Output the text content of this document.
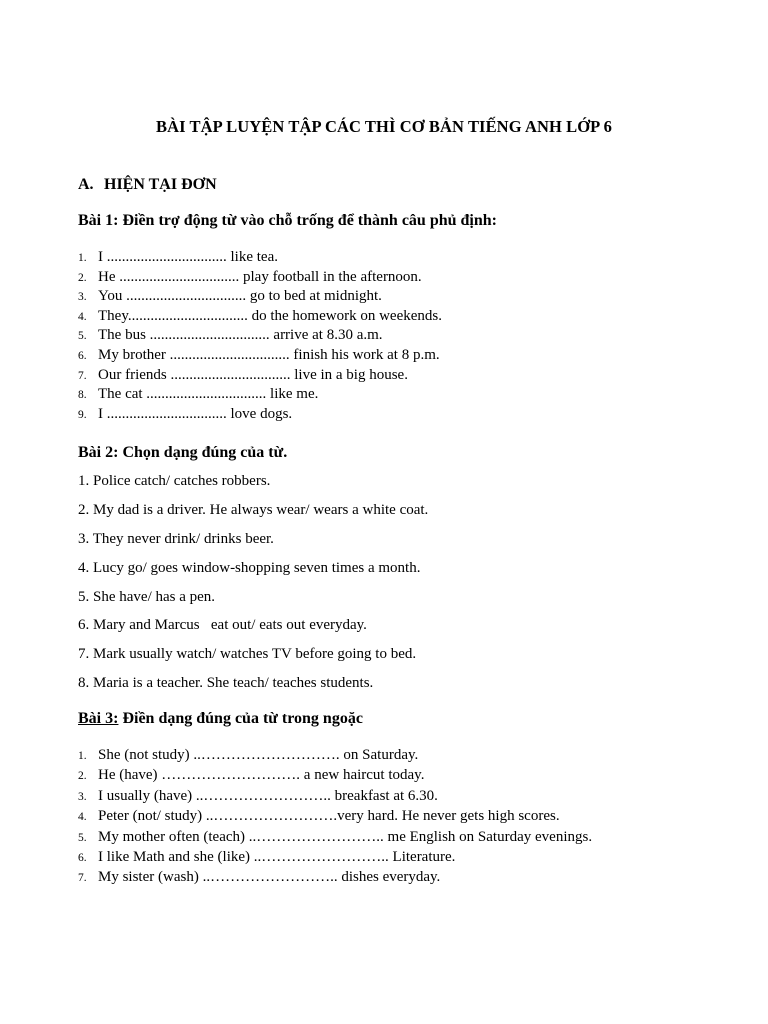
BÀI TẬP LUYỆN TẬP CÁC THÌ CƠ BẢN TIẾNG ANH LỚP 6
A. HIỆN TẠI ĐƠN
Bài 1: Điền trợ động từ vào chỗ trống để thành câu phủ định:
1. I ................................ like tea.
2. He ................................ play football in the afternoon.
3. You ................................ go to bed at midnight.
4. They................................ do the homework on weekends.
5. The bus ................................ arrive at 8.30 a.m.
6. My brother ................................ finish his work at 8 p.m.
7. Our friends ................................ live in a big house.
8. The cat ................................ like me.
9. I ................................ love dogs.
Bài 2: Chọn dạng đúng của từ.
1. Police catch/ catches robbers.
2. My dad is a driver. He always wear/ wears a white coat.
3. They never drink/ drinks beer.
4. Lucy go/ goes window-shopping seven times a month.
5. She have/ has a pen.
6. Mary and Marcus   eat out/ eats out everyday.
7. Mark usually watch/ watches TV before going to bed.
8. Maria is a teacher. She teach/ teaches students.
Bài 3: Điền dạng đúng của từ trong ngoặc
1. She (not study) ..………………………. on Saturday.
2. He (have) ………………………. a new haircut today.
3. I usually (have) ..…………………….. breakfast at 6.30.
4. Peter (not/ study) ..…………………….very hard. He never gets high scores.
5. My mother often (teach) ..…………………….. me English on Saturday evenings.
6. I like Math and she (like) ..…………………….. Literature.
7. My sister (wash) ..…………………….. dishes everyday.
